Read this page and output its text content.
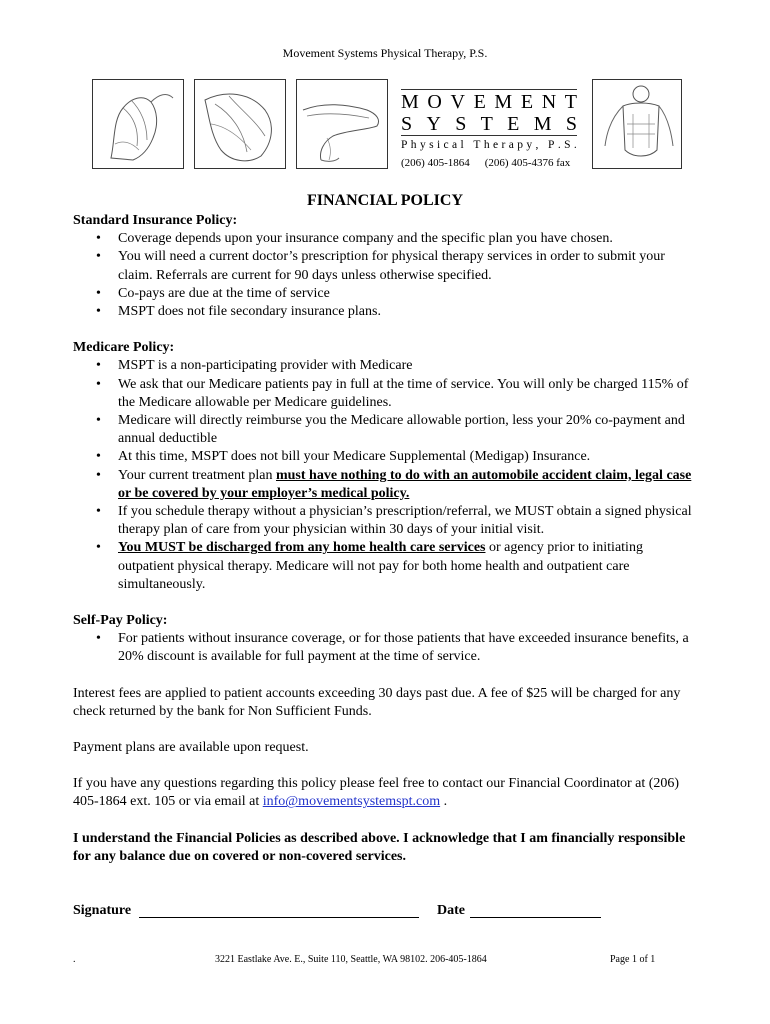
Movement Systems Physical Therapy, P.S.
M O V E M E N T
S Y S T E M S
P h y s i c a l
T h e r a p y ,
P . S .
(206) 405-1864 (206) 405-4376 fax
FINANCIAL POLICY
Standard Insurance Policy:
• Coverage depends upon your insurance company and the specific plan you have chosen.
• You will need a current doctor’s prescription for physical therapy services in order to submit your claim. Referrals are current for 90 days unless otherwise specified.
• Co-pays are due at the time of service
• MSPT does not file secondary insurance plans.
Medicare Policy:
• MSPT is a non-participating provider with Medicare
• We ask that our Medicare patients pay in full at the time of service. You will only be charged 115% of the Medicare allowable per Medicare guidelines.
• Medicare will directly reimburse you the Medicare allowable portion, less your 20% co-payment and annual deductible
• At this time, MSPT does not bill your Medicare Supplemental (Medigap) Insurance.
• Your current treatment plan must have nothing to do with an automobile accident claim, legal case or be covered by your employer’s medical policy.
• If you schedule therapy without a physician’s prescription/referral, we MUST obtain a signed physical therapy plan of care from your physician within 30 days of your initial visit.
• You MUST be discharged from any home health care services or agency prior to initiating outpatient physical therapy. Medicare will not pay for both home health and outpatient care simultaneously.
Self-Pay Policy:
• For patients without insurance coverage, or for those patients that have exceeded insurance benefits, a 20% discount is available for full payment at the time of service.

Interest fees are applied to patient accounts exceeding 30 days past due. A fee of $25 will be charged for any check returned by the bank for Non Sufficient Funds.

Payment plans are available upon request.

If you have any questions regarding this policy please feel free to contact our Financial Coordinator at (206) 405-1864 ext. 105 or via email at info@movementsystemspt.com .

I understand the Financial Policies as described above. I acknowledge that I am financially responsible for any balance due on covered or non-covered services.

Signature	Date
.	3221 Eastlake Ave. E., Suite 110, Seattle, WA 98102. 206-405-1864	Page 1 of 1
